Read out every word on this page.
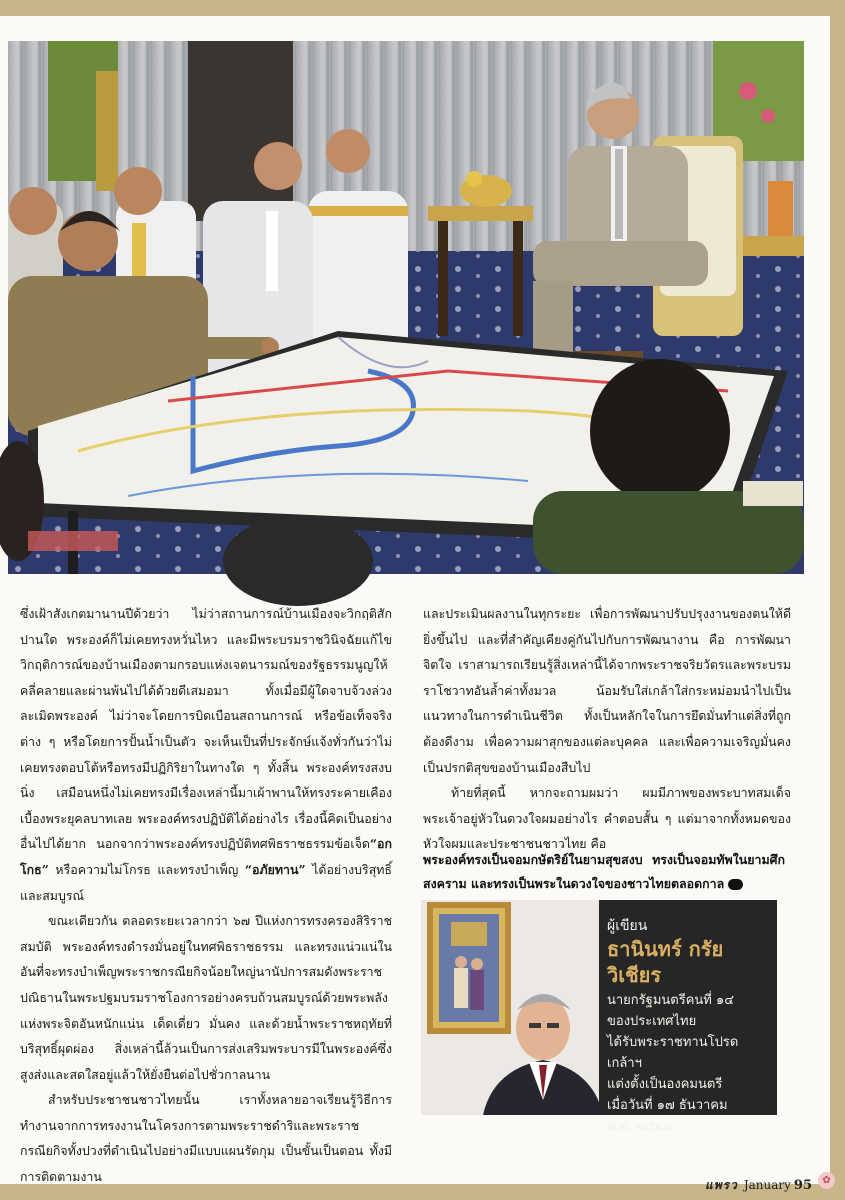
ซึ่งเฝ้าสังเกตมานานปีด้วยว่า ไม่ว่าสถานการณ์บ้านเมืองจะวิกฤติสักปานใด พระองค์ก็ไม่เคยทรงหวั่นไหว และมีพระบรมราชวินิจฉัยแก้ไขวิกฤติการณ์ของบ้านเมืองตามกรอบแห่งเจตนารมณ์ของรัฐธรรมนูญให้คลี่คลายและผ่านพ้นไปได้ด้วยดีเสมอมา ทั้งเมื่อมีผู้ใดจาบจ้วงล่วงละเมิดพระองค์ ไม่ว่าจะโดยการบิดเบือนสถานการณ์ หรือข้อเท็จจริงต่าง ๆ หรือโดยการปั้นน้ำเป็นตัว จะเห็นเป็นที่ประจักษ์แจ้งทั่วกันว่าไม่เคยทรงตอบโต้หรือทรงมีปฏิกิริยาในทางใด ๆ ทั้งสิ้น พระองค์ทรงสงบนิ่ง เสมือนหนึ่งไม่เคยทรงมีเรื่องเหล่านี้มาเผ้าพานให้ทรงระคายเคืองเบื้องพระยุคลบาทเลย พระองค์ทรงปฏิบัติได้อย่างไร เรื่องนี้คิดเป็นอย่างอื่นไปได้ยาก นอกจากว่าพระองค์ทรงปฏิบัติทศพิธราชธรรมข้อเจ็ด“อกโกธ” หรือความไม่โกรธ และทรงบำเพ็ญ “อภัยทาน” ได้อย่างบริสุทธิ์และสมบูรณ์

ขณะเดียวกัน ตลอดระยะเวลากว่า ๖๗ ปีแห่งการทรงครองสิริราชสมบัติ พระองค์ทรงดำรงมั่นอยู่ในทศพิธราชธรรม และทรงแน่วแน่ในอันที่จะทรงบำเพ็ญพระราชกรณียกิจน้อยใหญ่นานัปการสมดังพระราชปณิธานในพระปฐมบรมราชโองการอย่างครบถ้วนสมบูรณ์ด้วยพระพลังแห่งพระจิตอันหนักแน่น เด็ดเดี่ยว มั่นคง และด้วยน้ำพระราชหฤทัยที่บริสุทธิ์ผุดผ่อง สิ่งเหล่านี้ล้วนเป็นการส่งเสริมพระบารมีในพระองค์ซึ่งสูงส่งและสดใสอยู่แล้วให้ยั่งยืนต่อไปชั่วกาลนาน

สำหรับประชาชนชาวไทยนั้น เราทั้งหลายอาจเรียนรู้วิธีการทำงานจากการทรงงานในโครงการตามพระราชดำริและพระราชกรณียกิจทั้งปวงที่ดำเนินไปอย่างมีแบบแผนรัดกุม เป็นขั้นเป็นตอน ทั้งมีการติดตามงาน

และประเมินผลงานในทุกระยะ เพื่อการพัฒนาปรับปรุงงานของตนให้ดียิ่งขึ้นไป และที่สำคัญเคียงคู่กันไปกับการพัฒนางาน คือ การพัฒนาจิตใจ เราสามารถเรียนรู้สิ่งเหล่านี้ได้จากพระราชจริยวัตรและพระบรมราโชวาทอันล้ำค่าทั้งมวล น้อมรับใส่เกล้าใส่กระหม่อมนำไปเป็นแนวทางในการดำเนินชีวิต ทั้งเป็นหลักใจในการยึดมั่นทำแต่สิ่งที่ถูกต้องดีงาม เพื่อความผาสุกของแต่ละบุคคล และเพื่อความเจริญมั่นคงเป็นปรกติสุขของบ้านเมืองสืบไป

ท้ายที่สุดนี้ หากจะถามผมว่า ผมมีภาพของพระบาทสมเด็จพระเจ้าอยู่หัวในดวงใจผมอย่างไร คำตอบสั้น ๆ แต่มาจากทั้งหมดของหัวใจผมและประชาชนชาวไทย คือ

พระองค์ทรงเป็นจอมกษัตริย์ในยามสุขสงบ ทรงเป็นจอมทัพในยามศึกสงคราม และทรงเป็นพระในดวงใจของชาวไทยตลอดกาล
ผู้เขียน
ธานินทร์ กรัยวิเชียร
นายกรัฐมนตรีคนที่ ๑๔
ของประเทศไทย
ได้รับพระราชทานโปรดเกล้าฯ
แต่งตั้งเป็นองคมนตรี
เมื่อวันที่ ๑๗ ธันวาคม
พ.ศ. ๒๕๒๐
แพรว January 95	✿
